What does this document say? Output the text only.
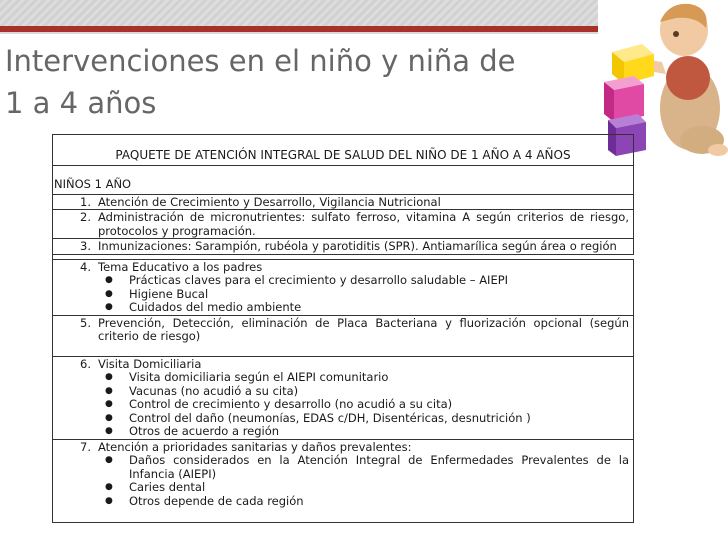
Intervenciones en el niño y niña de
1 a 4 años
PAQUETE DE ATENCIÓN INTEGRAL DE SALUD DEL NIÑO DE 1 AÑO A 4 AÑOS
NIÑOS 1 AÑO
1. Atención de Crecimiento y Desarrollo, Vigilancia Nutricional
2. Administración de micronutrientes: sulfato ferroso, vitamina A según criterios de riesgo, protocolos y programación.
3. Inmunizaciones: Sarampión, rubéola y parotiditis (SPR). Antiamarílica según área o región
4. Tema Educativo a los padres
●	Prácticas claves para el crecimiento y desarrollo saludable – AIEPI
●	Higiene Bucal
●	Cuidados del medio ambiente
5. Prevención, Detección, eliminación de Placa Bacteriana y fluorización opcional (según criterio de riesgo)
6. Visita Domiciliaria
●	Visita domiciliaria según el AIEPI comunitario
●	Vacunas (no acudió a su cita)
●	Control de crecimiento y desarrollo (no acudió a su cita)
●	Control del daño (neumonías, EDAS c/DH, Disentéricas, desnutrición )
●	Otros de acuerdo a región
7. Atención a prioridades sanitarias y daños prevalentes:
●	Daños considerados en la Atención Integral de Enfermedades Prevalentes de la Infancia (AIEPI)
●	Caries dental
●	Otros depende de cada región
